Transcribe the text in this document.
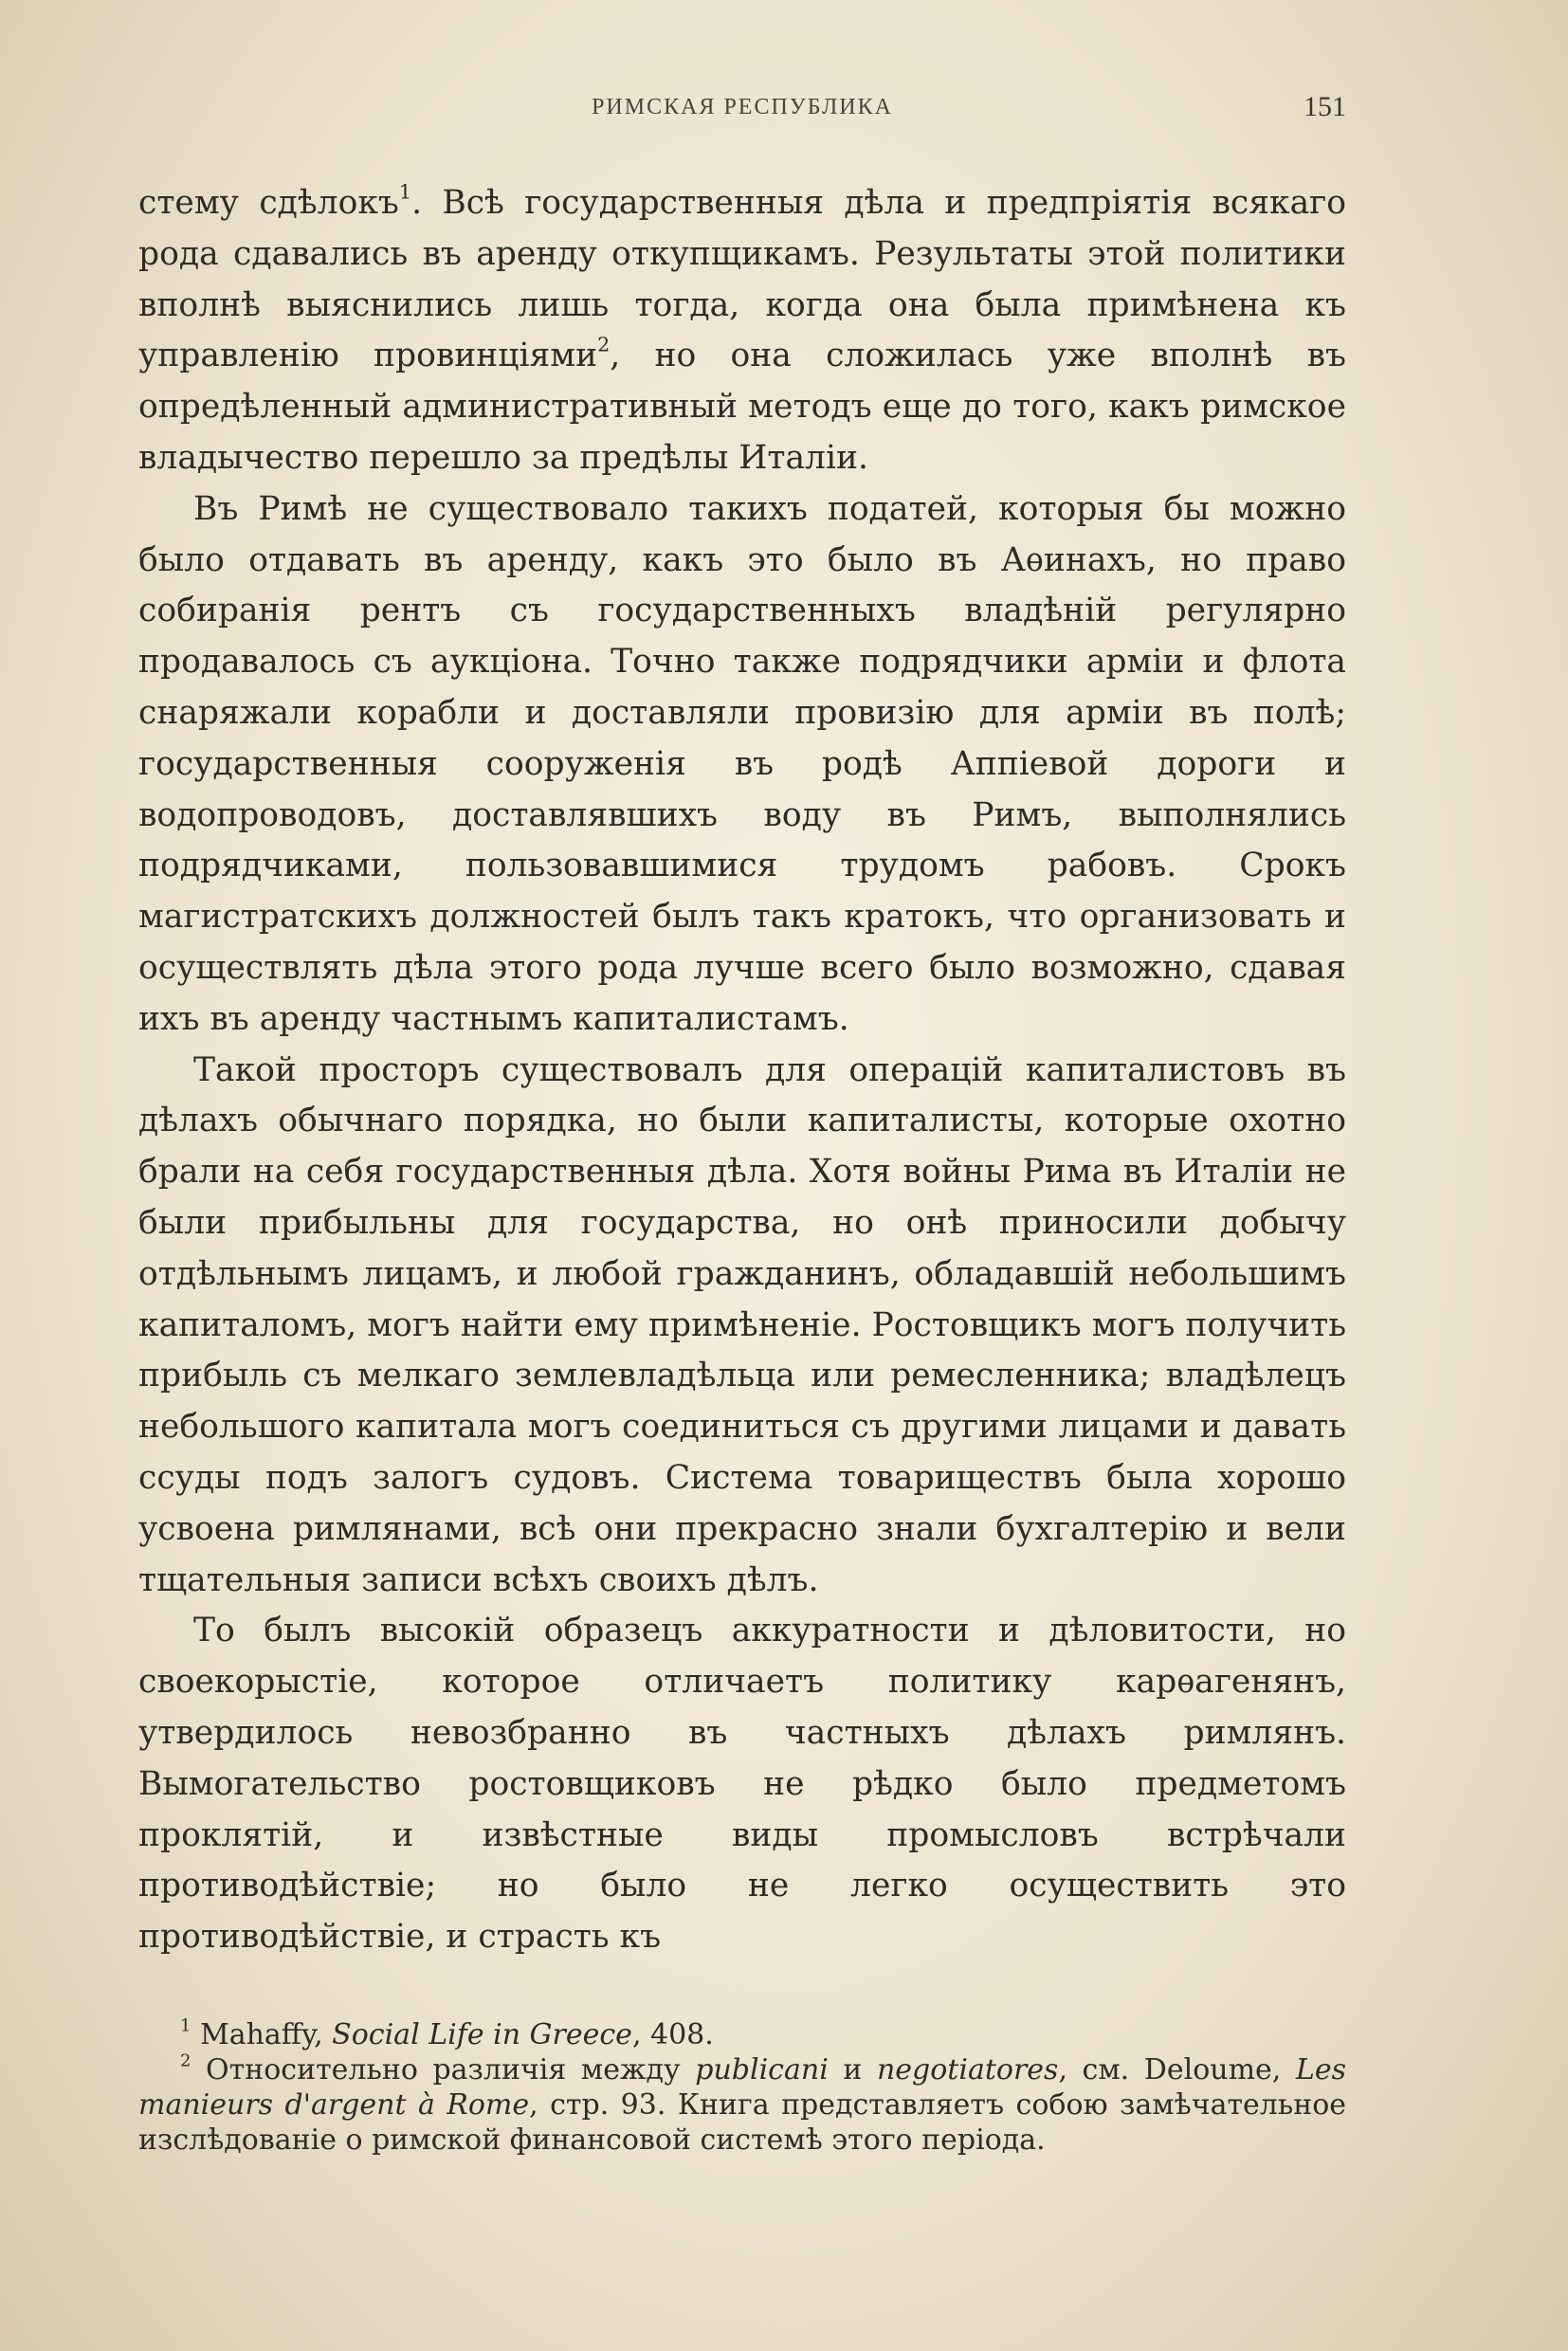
РИМСКАЯ РЕСПУБЛИКА	151

стему сдѣлокъ$^1$. Всѣ государственныя дѣла и предпріятія всякаго рода сдавались въ аренду откупщикамъ. Результаты этой политики вполнѣ выяснились лишь тогда, когда она была примѣнена къ управленію провинціями$^2$, но она сложилась уже вполнѣ въ опредѣленный административный методъ еще до того, какъ римское владычество перешло за предѣлы Италіи.

Въ Римѣ не существовало такихъ податей, которыя бы можно было отдавать въ аренду, какъ это было въ Аѳинахъ, но право собиранія рентъ съ государственныхъ владѣній регулярно продавалось съ аукціона. Точно также подрядчики арміи и флота снаряжали корабли и доставляли провизію для арміи въ полѣ; государственныя сооруженія въ родѣ Аппіевой дороги и водопроводовъ, доставлявшихъ воду въ Римъ, выполнялись подрядчиками, пользовавшимися трудомъ рабовъ. Срокъ магистратскихъ должностей былъ такъ кратокъ, что организовать и осуществлять дѣла этого рода лучше всего было возможно, сдавая ихъ въ аренду частнымъ капиталистамъ.

Такой просторъ существовалъ для операцій капиталистовъ въ дѣлахъ обычнаго порядка, но были капиталисты, которые охотно брали на себя государственныя дѣла. Хотя войны Рима въ Италіи не были прибыльны для государства, но онѣ приносили добычу отдѣльнымъ лицамъ, и любой гражданинъ, обладавшій небольшимъ капиталомъ, могъ найти ему примѣненіе. Ростовщикъ могъ получить прибыль съ мелкаго землевладѣльца или ремесленника; владѣлецъ небольшого капитала могъ соединиться съ другими лицами и давать ссуды подъ залогъ судовъ. Система товариществъ была хорошо усвоена римлянами, всѣ они прекрасно знали бухгалтерію и вели тщательныя записи всѣхъ своихъ дѣлъ.

То былъ высокій образецъ аккуратности и дѣловитости, но своекорыстіе, которое отличаетъ политику карѳагенянъ, утвердилось невозбранно въ частныхъ дѣлахъ римлянъ. Вымогательство ростовщиковъ не рѣдко было предметомъ проклятій, и извѣстные виды промысловъ встрѣчали противодѣйствіе; но было не легко осуществить это противодѣйствіе, и страсть къ

$^1$ Mahaffy, Social Life in Greece, 408.

$^2$ Относительно различія между publicani и negotiatores, см. Deloume, Les manieurs d'argent à Rome, стр. 93. Книга представляетъ собою замѣчательное изслѣдованіе о римской финансовой системѣ этого періода.
